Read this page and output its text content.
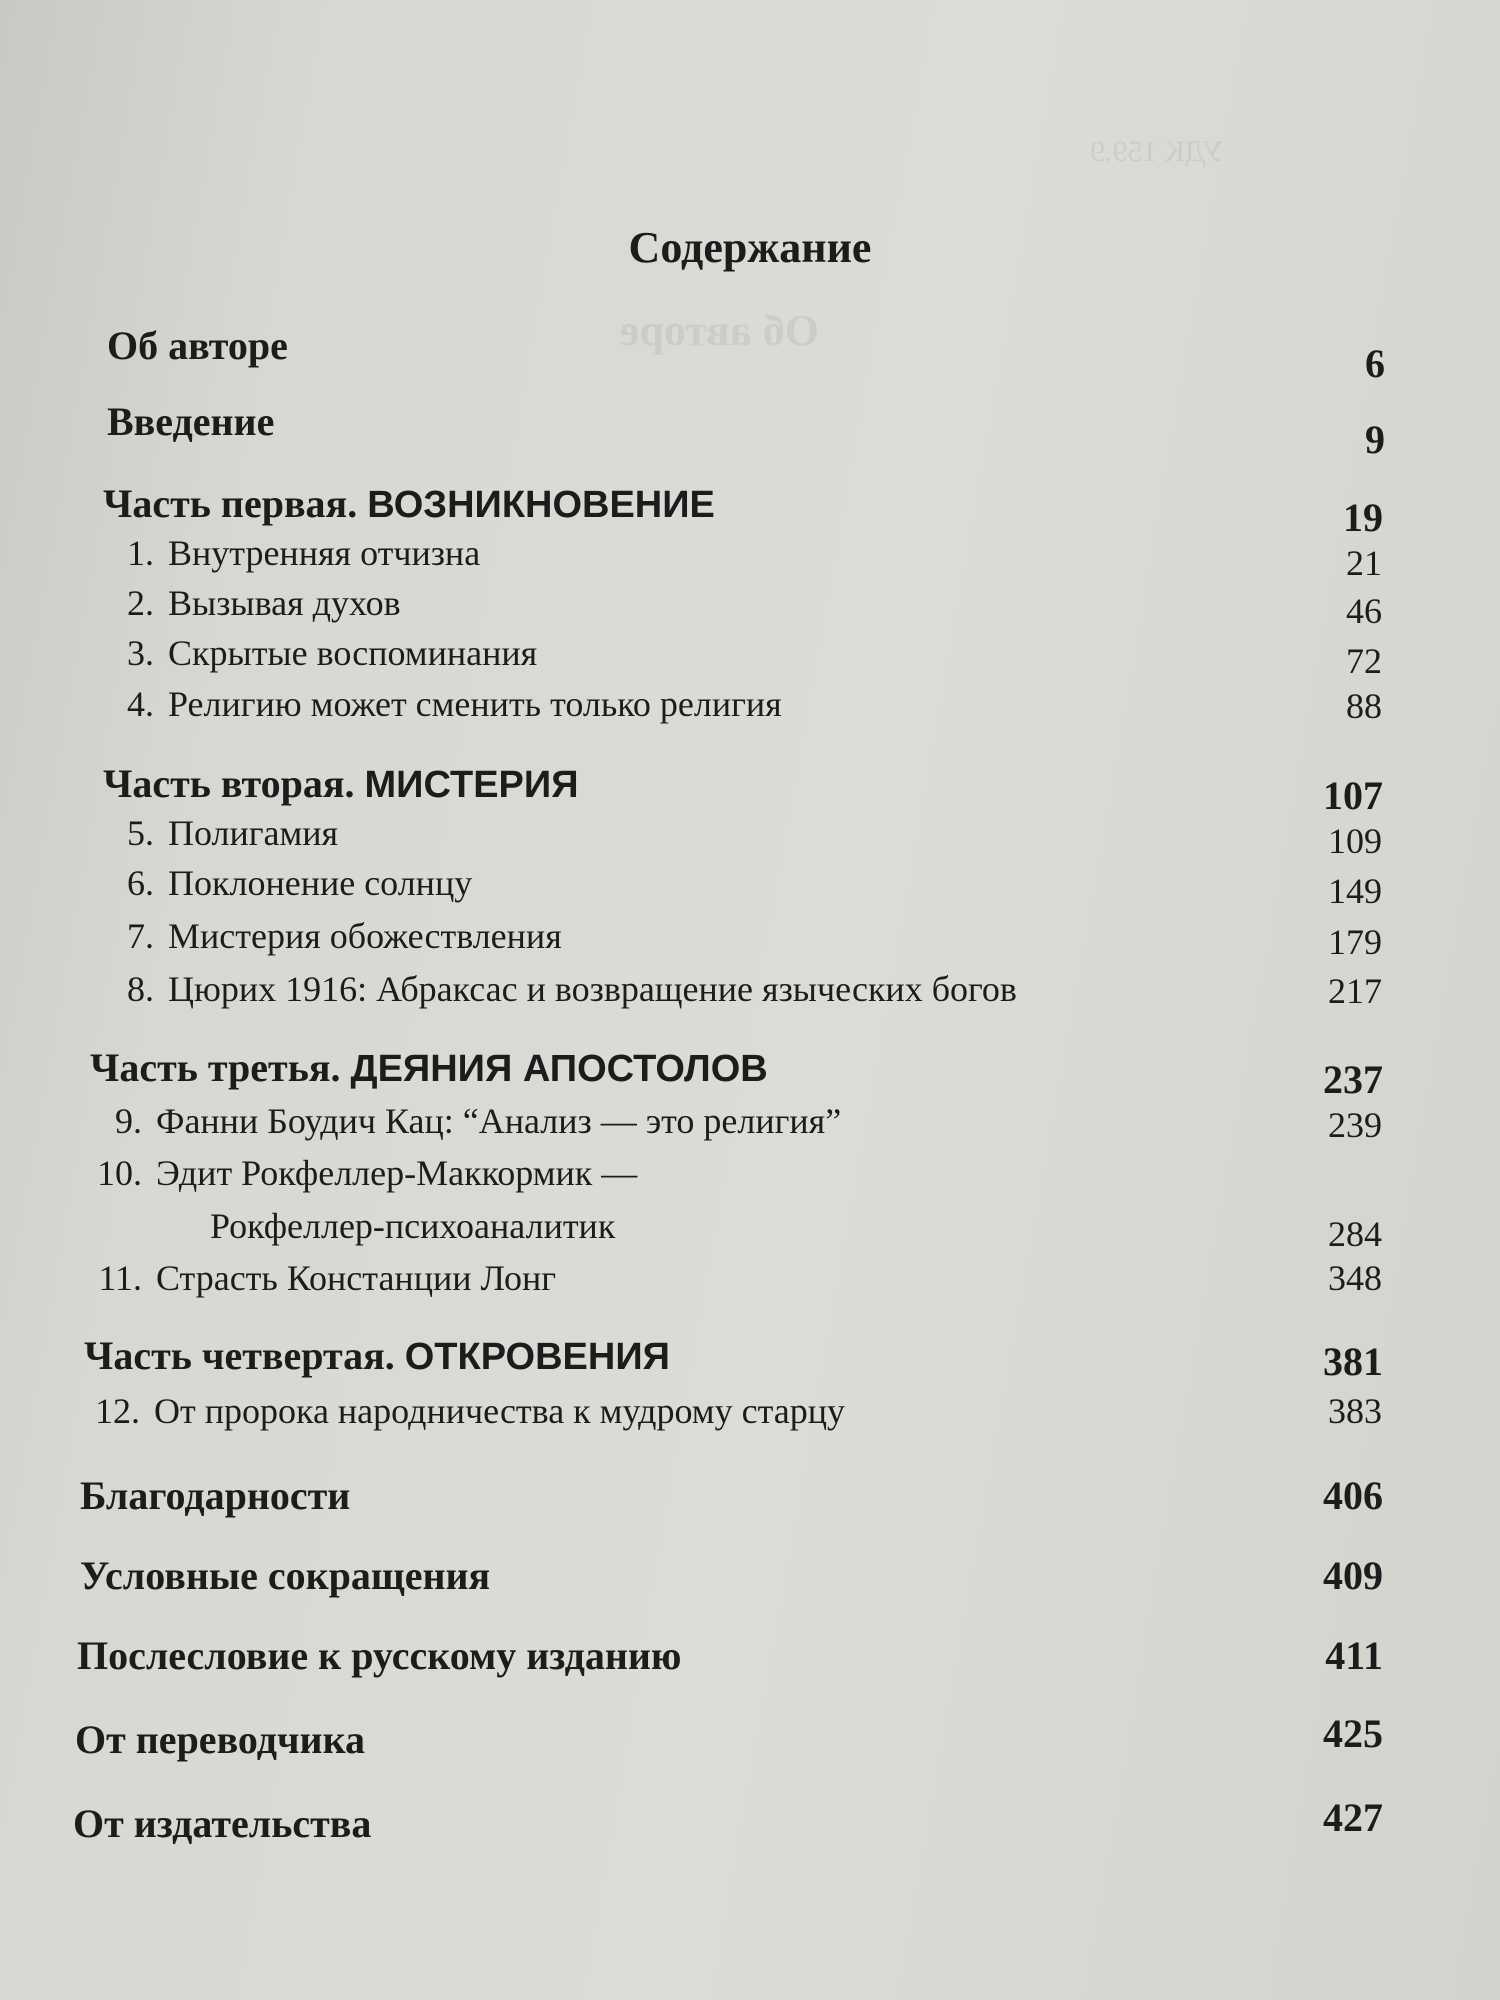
УДК 159.9
Об авторе
Содержание
Об авторе	6
Введение	9
Часть первая. ВОЗНИКНОВЕНИЕ	19
1. Внутренняя отчизна	21
2. Вызывая духов	46
3. Скрытые воспоминания	72
4. Религию может сменить только религия	88
Часть вторая. МИСТЕРИЯ	107
5. Полигамия	109
6. Поклонение солнцу	149
7. Мистерия обожествления	179
8. Цюрих 1916: Абраксас и возвращение языческих богов	217
Часть третья. ДЕЯНИЯ АПОСТОЛОВ	237
9. Фанни Боудич Кац: “Анализ — это религия”	239
10. Эдит Рокфеллер-Маккормик —
Рокфеллер-психоаналитик	284
11. Страсть Констанции Лонг	348
Часть четвертая. ОТКРОВЕНИЯ	381
12. От пророка народничества к мудрому старцу	383
Благодарности	406
Условные сокращения	409
Послесловие к русскому изданию	411
От переводчика	425
От издательства	427
